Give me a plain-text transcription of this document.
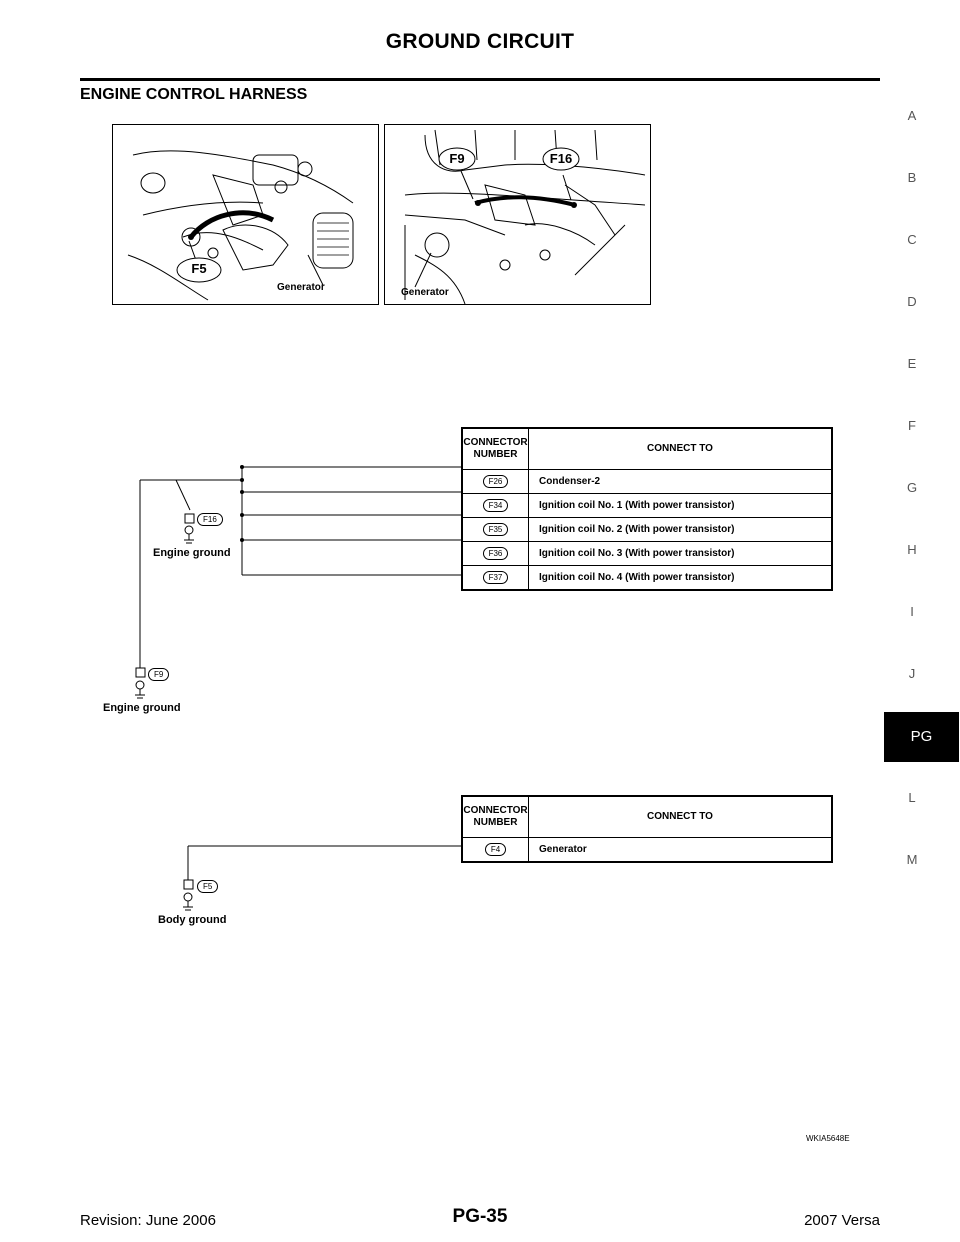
GROUND CIRCUIT
ENGINE CONTROL HARNESS
A
B
C
D
E
F
G
H
I
J
PG
L
M
F5
Generator
F9	F16
Generator
F16
Engine ground
F9
Engine ground
F5
Body ground
CONNECTOR NUMBER	CONNECT TO
F26	Condenser-2
F34	Ignition coil No. 1 (With power transistor)
F35	Ignition coil No. 2 (With power transistor)
F36	Ignition coil No. 3 (With power transistor)
F37	Ignition coil No. 4 (With power transistor)
CONNECTOR NUMBER	CONNECT TO
F4	Generator
WKIA5648E
Revision: June 2006	PG-35	2007 Versa
